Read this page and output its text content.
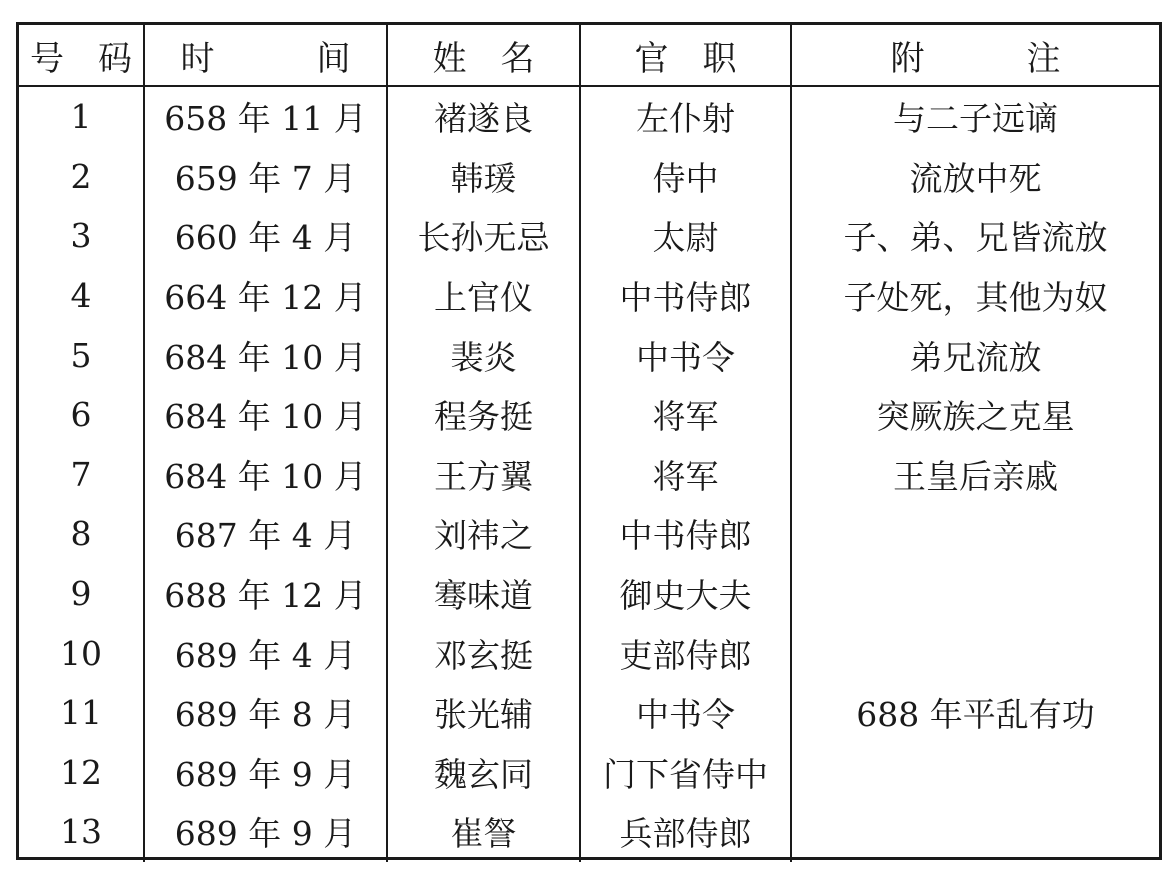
号　码	时　　　间	姓　名	官　职	附　　　注
1	658 年 11 月	褚遂良	左仆射	与二子远谪
2	659 年 7 月	韩瑗	侍中	流放中死
3	660 年 4 月	长孙无忌	太尉	子、弟、兄皆流放
4	664 年 12 月	上官仪	中书侍郎	子处死，其他为奴
5	684 年 10 月	裴炎	中书令	弟兄流放
6	684 年 10 月	程务挺	将军	突厥族之克星
7	684 年 10 月	王方翼	将军	王皇后亲戚
8	687 年 4 月	刘祎之	中书侍郎	
9	688 年 12 月	骞味道	御史大夫	
10	689 年 4 月	邓玄挺	吏部侍郎	
11	689 年 8 月	张光辅	中书令	688 年平乱有功
12	689 年 9 月	魏玄同	门下省侍中	
13	689 年 9 月	崔詧	兵部侍郎	
